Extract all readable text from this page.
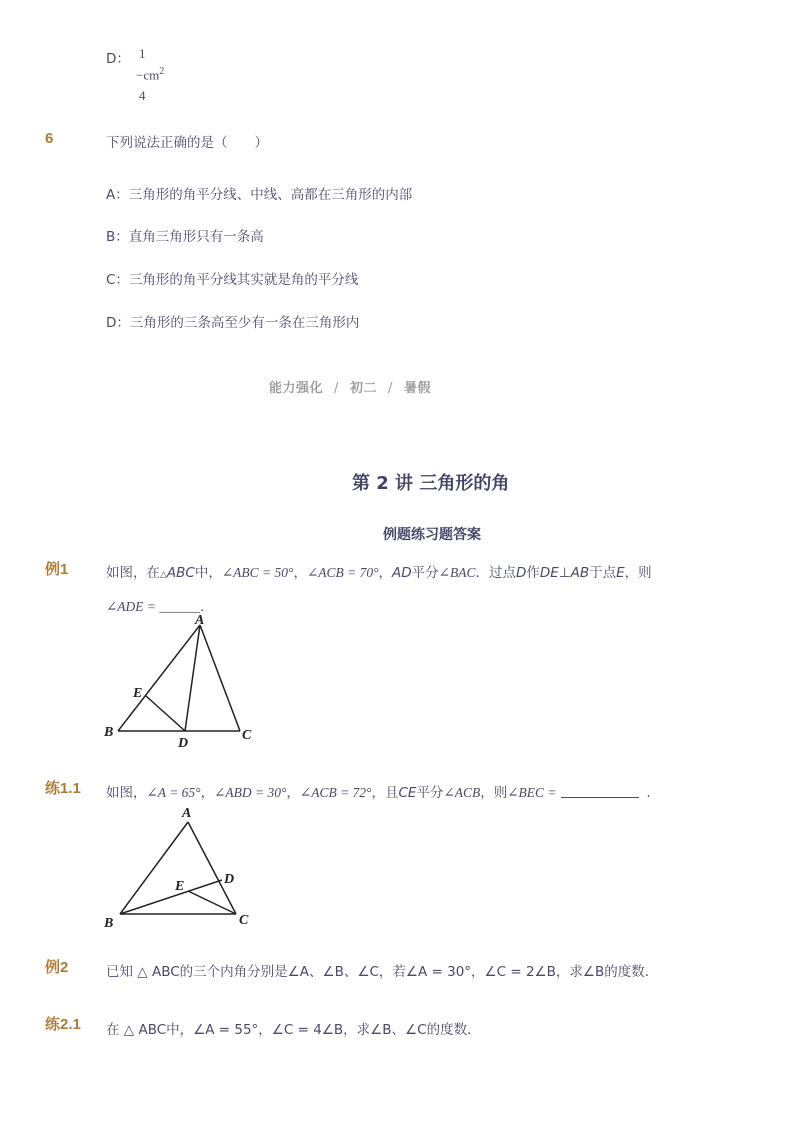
D： 1
$-cm^2$
4
6	下列说法正确的是（　　）
A：三角形的角平分线、中线、高都在三角形的内部
B：直角三角形只有一条高
C：三角形的角平分线其实就是角的平分线
D：三角形的三条高至少有一条在三角形内
能力强化 / 初二 / 暑假
第 2 讲 三角形的角
例题练习题答案
例1	如图，在△ABC中，∠ABC = 50°，∠ACB = 70°，AD平分∠BAC．过点D作DE⊥AB于点E，则
∠ADE = ______．
A
B	C
D
E
练1.1 如图，∠A = 65°，∠ABD = 30°，∠ACB = 72°，且CE平分∠ACB，则∠BEC =	．
A
B	C
D
E
例2	已知 △ ABC的三个内角分别是∠A、∠B、∠C，若∠A = 30°，∠C = 2∠B，求∠B的度数．
练2.1 在 △ ABC中，∠A = 55°，∠C = 4∠B，求∠B、∠C的度数．
